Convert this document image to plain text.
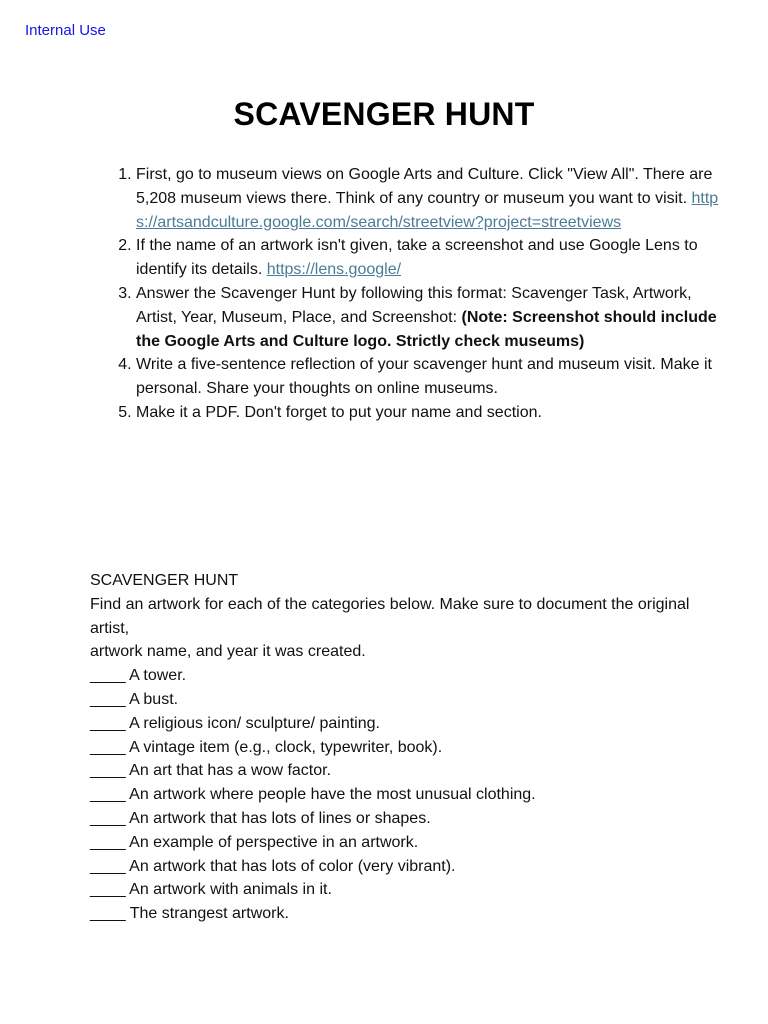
Internal Use
SCAVENGER HUNT
1. First, go to museum views on Google Arts and Culture. Click "View All". There are 5,208 museum views there. Think of any country or museum you want to visit. https://artsandculture.google.com/search/streetview?project=streetviews
2. If the name of an artwork isn't given, take a screenshot and use Google Lens to identify its details. https://lens.google/
3. Answer the Scavenger Hunt by following this format: Scavenger Task, Artwork, Artist, Year, Museum, Place, and Screenshot: (Note: Screenshot should include the Google Arts and Culture logo. Strictly check museums)
4. Write a five-sentence reflection of your scavenger hunt and museum visit. Make it personal. Share your thoughts on online museums.
5. Make it a PDF. Don't forget to put your name and section.

SCAVENGER HUNT

Find an artwork for each of the categories below. Make sure to document the original artist,

artwork name, and year it was created.

____ A tower.
____ A bust.
____ A religious icon/ sculpture/ painting.
____ A vintage item (e.g., clock, typewriter, book).
____ An art that has a wow factor.
____ An artwork where people have the most unusual clothing.
____ An artwork that has lots of lines or shapes.
____ An example of perspective in an artwork.
____ An artwork that has lots of color (very vibrant).
____ An artwork with animals in it.
____ The strangest artwork.
